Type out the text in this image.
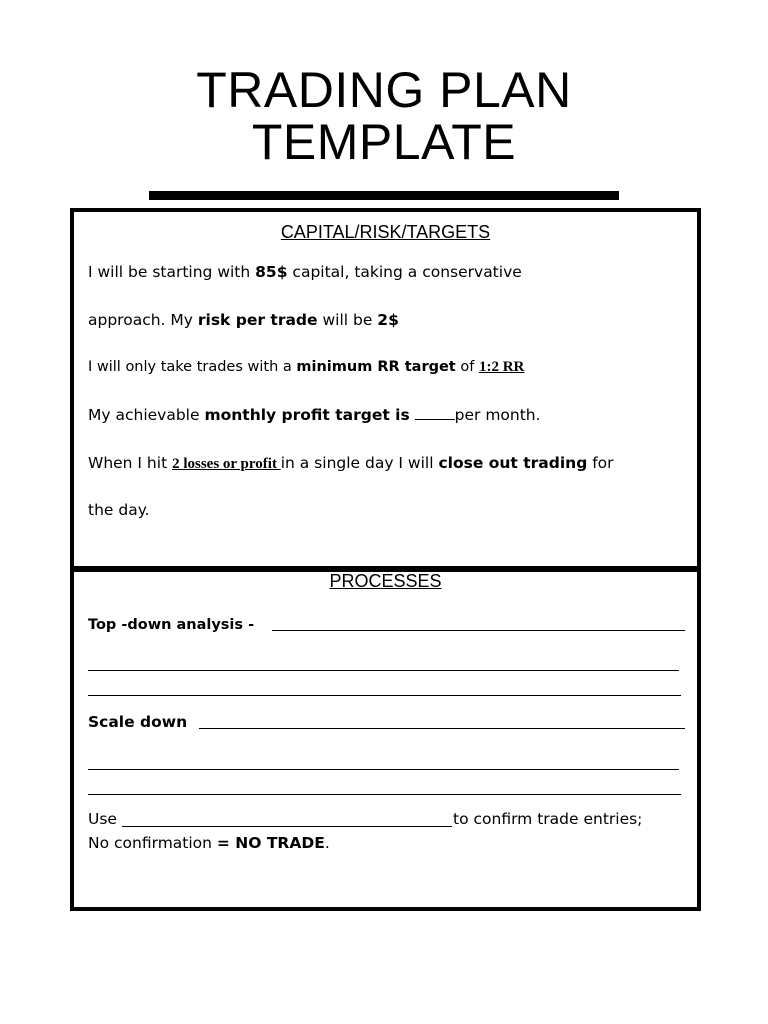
TRADING PLAN
TEMPLATE
CAPITAL/RISK/TARGETS
I will be starting with 85$ capital, taking a conservative
approach. My risk per trade will be 2$
I will only take trades with a minimum RR target of 1:2 RR
My achievable monthly profit target is	per month.
When I hit 2 losses or profit in a single day I will close out trading for
the day.
PROCESSES
Top -down analysis -
Scale down
Use	to confirm trade entries;
No confirmation = NO TRADE.
